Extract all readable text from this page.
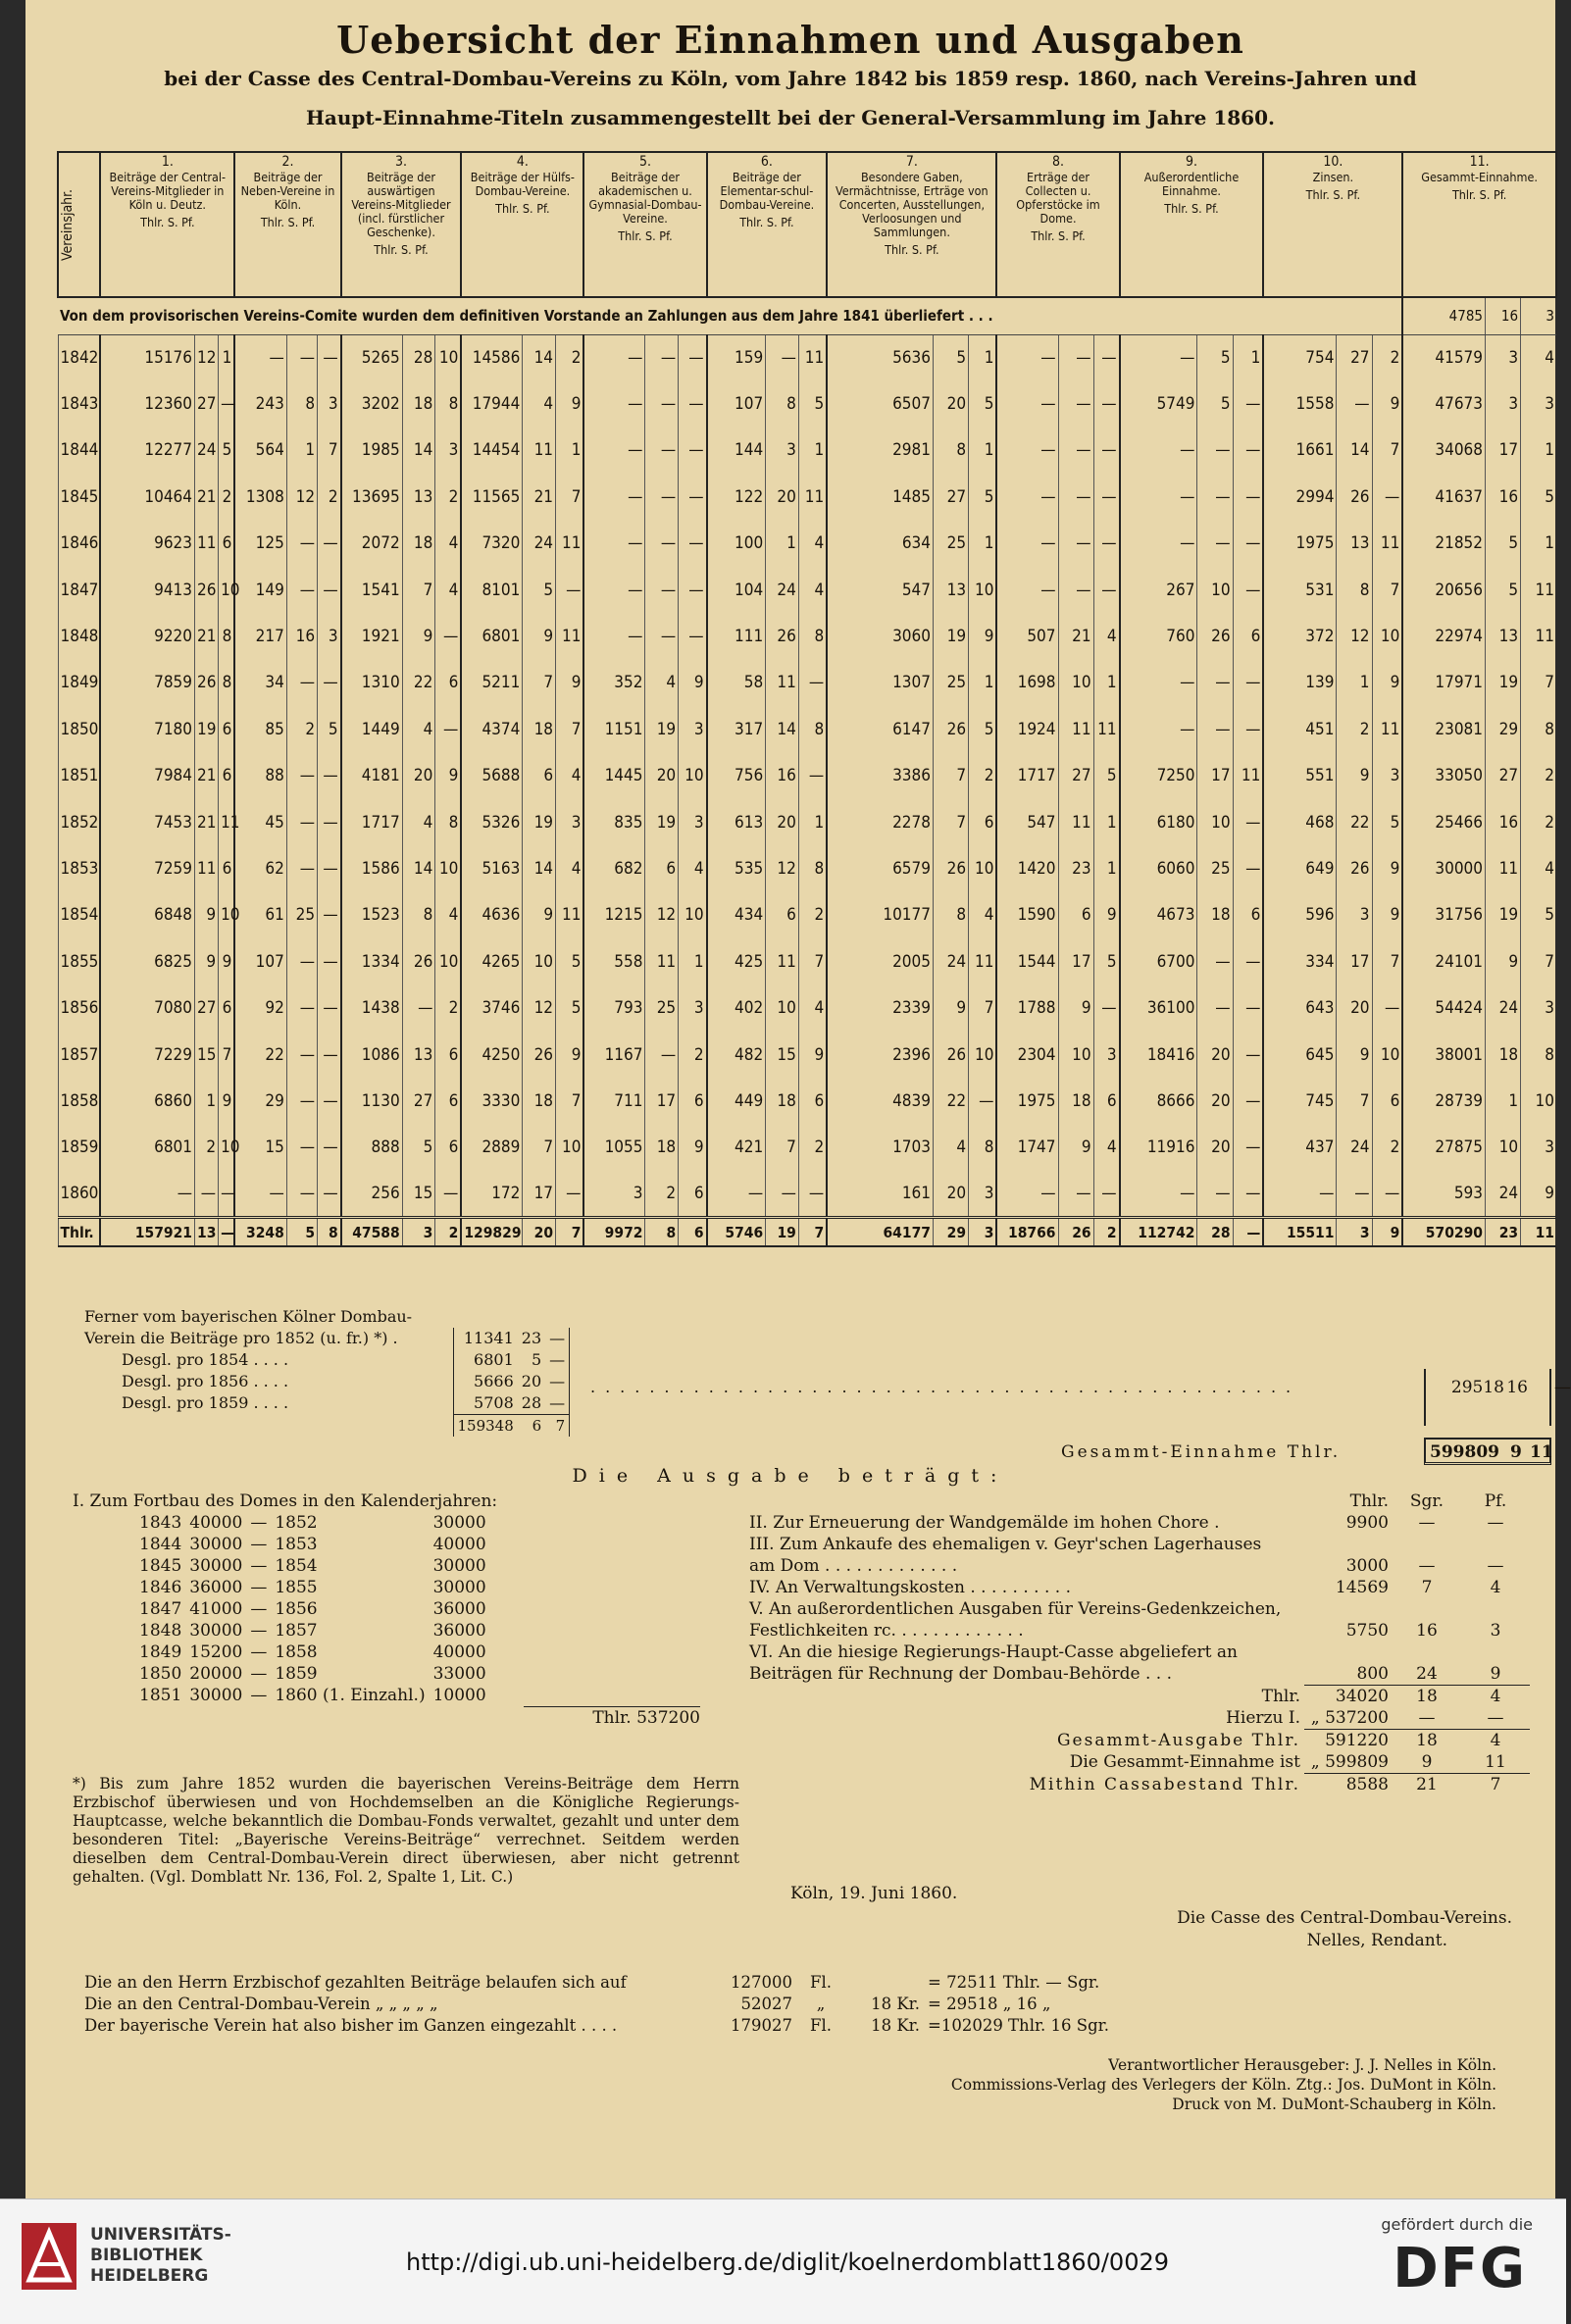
Uebersicht der Einnahmen und Ausgaben
bei der Casse des Central-Dombau-Vereins zu Köln, vom Jahre 1842 bis 1859 resp. 1860, nach Vereins-Jahren und
Haupt-Einnahme-Titeln zusammengestellt bei der General-Versammlung im Jahre 1860.
Vereinsjahr.	1.
Beiträge der Central-Vereins-Mitglieder in Köln u. Deutz.
Thlr. S. Pf.			2.
Beiträge der Neben-Vereine in Köln.
Thlr. S. Pf.			3.
Beiträge der auswärtigen Vereins-Mitglieder (incl. fürstlicher Geschenke).
Thlr. S. Pf.			4.
Beiträge der Hülfs-Dombau-Vereine.
Thlr. S. Pf.			5.
Beiträge der akademischen u. Gymnasial-Dombau-Vereine.
Thlr. S. Pf.			6.
Beiträge der Elementar-schul-Dombau-Vereine.
Thlr. S. Pf.			7.
Besondere Gaben, Vermächtnisse, Erträge von Concerten, Ausstellungen, Verloosungen und Sammlungen.
Thlr. S. Pf.			8.
Erträge der Collecten u. Opferstöcke im Dome.
Thlr. S. Pf.			9.
Außerordentliche Einnahme.
Thlr. S. Pf.			10.
Zinsen.
Thlr. S. Pf.			11.
Gesammt-Einnahme.
Thlr. S. Pf.		

Von dem provisorischen Vereins-Comite wurden dem definitiven Vorstande an Zahlungen aus dem Jahre 1841 überliefert . . .																															4785	16	3
1842	15176	12	1	—	—	—	5265	28	10	14586	14	2	—	—	—	159	—	11	5636	5	1	—	—	—	—	5	1	754	27	2	41579	3	4
1843	12360	27	—	243	8	3	3202	18	8	17944	4	9	—	—	—	107	8	5	6507	20	5	—	—	—	5749	5	—	1558	—	9	47673	3	3
1844	12277	24	5	564	1	7	1985	14	3	14454	11	1	—	—	—	144	3	1	2981	8	1	—	—	—	—	—	—	1661	14	7	34068	17	1
1845	10464	21	2	1308	12	2	13695	13	2	11565	21	7	—	—	—	122	20	11	1485	27	5	—	—	—	—	—	—	2994	26	—	41637	16	5
1846	9623	11	6	125	—	—	2072	18	4	7320	24	11	—	—	—	100	1	4	634	25	1	—	—	—	—	—	—	1975	13	11	21852	5	1
1847	9413	26	10	149	—	—	1541	7	4	8101	5	—	—	—	—	104	24	4	547	13	10	—	—	—	267	10	—	531	8	7	20656	5	11
1848	9220	21	8	217	16	3	1921	9	—	6801	9	11	—	—	—	111	26	8	3060	19	9	507	21	4	760	26	6	372	12	10	22974	13	11
1849	7859	26	8	34	—	—	1310	22	6	5211	7	9	352	4	9	58	11	—	1307	25	1	1698	10	1	—	—	—	139	1	9	17971	19	7
1850	7180	19	6	85	2	5	1449	4	—	4374	18	7	1151	19	3	317	14	8	6147	26	5	1924	11	11	—	—	—	451	2	11	23081	29	8
1851	7984	21	6	88	—	—	4181	20	9	5688	6	4	1445	20	10	756	16	—	3386	7	2	1717	27	5	7250	17	11	551	9	3	33050	27	2
1852	7453	21	11	45	—	—	1717	4	8	5326	19	3	835	19	3	613	20	1	2278	7	6	547	11	1	6180	10	—	468	22	5	25466	16	2
1853	7259	11	6	62	—	—	1586	14	10	5163	14	4	682	6	4	535	12	8	6579	26	10	1420	23	1	6060	25	—	649	26	9	30000	11	4
1854	6848	9	10	61	25	—	1523	8	4	4636	9	11	1215	12	10	434	6	2	10177	8	4	1590	6	9	4673	18	6	596	3	9	31756	19	5
1855	6825	9	9	107	—	—	1334	26	10	4265	10	5	558	11	1	425	11	7	2005	24	11	1544	17	5	6700	—	—	334	17	7	24101	9	7
1856	7080	27	6	92	—	—	1438	—	2	3746	12	5	793	25	3	402	10	4	2339	9	7	1788	9	—	36100	—	—	643	20	—	54424	24	3
1857	7229	15	7	22	—	—	1086	13	6	4250	26	9	1167	—	2	482	15	9	2396	26	10	2304	10	3	18416	20	—	645	9	10	38001	18	8
1858	6860	1	9	29	—	—	1130	27	6	3330	18	7	711	17	6	449	18	6	4839	22	—	1975	18	6	8666	20	—	745	7	6	28739	1	10
1859	6801	2	10	15	—	—	888	5	6	2889	7	10	1055	18	9	421	7	2	1703	4	8	1747	9	4	11916	20	—	437	24	2	27875	10	3
1860	—	—	—	—	—	—	256	15	—	172	17	—	3	2	6	—	—	—	161	20	3	—	—	—	—	—	—	—	—	—	593	24	9
Thlr.	157921	13	—	3248	5	8	47588	3	2	129829	20	7	9972	8	6	5746	19	7	64177	29	3	18766	26	2	112742	28	—	15511	3	9	570290	23	11
Ferner vom bayerischen Kölner Dombau-			
Verein die Beiträge pro 1852 (u. fr.) *) .	11341	23	—
Desgl. pro 1854 . . . .	6801	5	—
Desgl. pro 1856 . . . .	5666	20	—
Desgl. pro 1859 . . . .	5708	28	—
	159348	6	7
................................................	29518 16 —
Gesammt-Einnahme Thlr.	599809 9 11
Die Ausgabe beträgt:
I. Zum Fortbau des Domes in den Kalenderjahren:
1843	40000	—	1852	30000
1844	30000	—	1853	40000
1845	30000	—	1854	30000
1846	36000	—	1855	30000
1847	41000	—	1856	36000
1848	30000	—	1857	36000
1849	15200	—	1858	40000
1850	20000	—	1859	33000
1851	30000	—	1860 (1. Einzahl.)	10000
Thlr. 537200
	Thlr.	Sgr.	Pf.
II. Zur Erneuerung der Wandgemälde im hohen Chore .	9900	—	—
III. Zum Ankaufe des ehemaligen v. Geyr'schen Lagerhauses			
am Dom . . . . . . . . . . . . .	3000	—	—
IV. An Verwaltungskosten . . . . . . . . . .	14569	7	4
V. An außerordentlichen Ausgaben für Vereins-Gedenkzeichen,			
Festlichkeiten rc. . . . . . . . . . . . .	5750	16	3
VI. An die hiesige Regierungs-Haupt-Casse abgeliefert an			
Beiträgen für Rechnung der Dombau-Behörde . . .	800	24	9
Thlr.	34020	18	4
Hierzu I.	„ 537200	—	—
Gesammt-Ausgabe Thlr.	591220	18	4
Die Gesammt-Einnahme ist	„ 599809	9	11
Mithin Cassabestand Thlr.	8588	21	7
*) Bis zum Jahre 1852 wurden die bayerischen Vereins-Beiträge dem Herrn Erzbischof überwiesen und von Hochdemselben an die Königliche Regierungs-Hauptcasse, welche bekanntlich die Dombau-Fonds verwaltet, gezahlt und unter dem besonderen Titel: „Bayerische Vereins-Beiträge“ verrechnet. Seitdem werden dieselben dem Central-Dombau-Verein direct überwiesen, aber nicht getrennt gehalten. (Vgl. Domblatt Nr. 136, Fol. 2, Spalte 1, Lit. C.)
Köln, 19. Juni 1860.
Die Casse des Central-Dombau-Vereins.
Nelles, Rendant.
Die an den Herrn Erzbischof gezahlten Beiträge belaufen sich auf	127000	Fl.		= 72511 Thlr. — Sgr.
Die an den Central-Dombau-Verein „ „ „ „ „	52027	„	18 Kr.	= 29518 „ 16 „
Der bayerische Verein hat also bisher im Ganzen eingezahlt . . . .	179027	Fl.	18 Kr.	=102029 Thlr. 16 Sgr.
Verantwortlicher Herausgeber: J. J. Nelles in Köln.
Commissions-Verlag des Verlegers der Köln. Ztg.: Jos. DuMont in Köln.
Druck von M. DuMont-Schauberg in Köln.
UNIVERSITÄTS-
BIBLIOTHEK
HEIDELBERG	http://digi.ub.uni-heidelberg.de/diglit/koelnerdomblatt1860/0029
gefördert durch die
DFG
